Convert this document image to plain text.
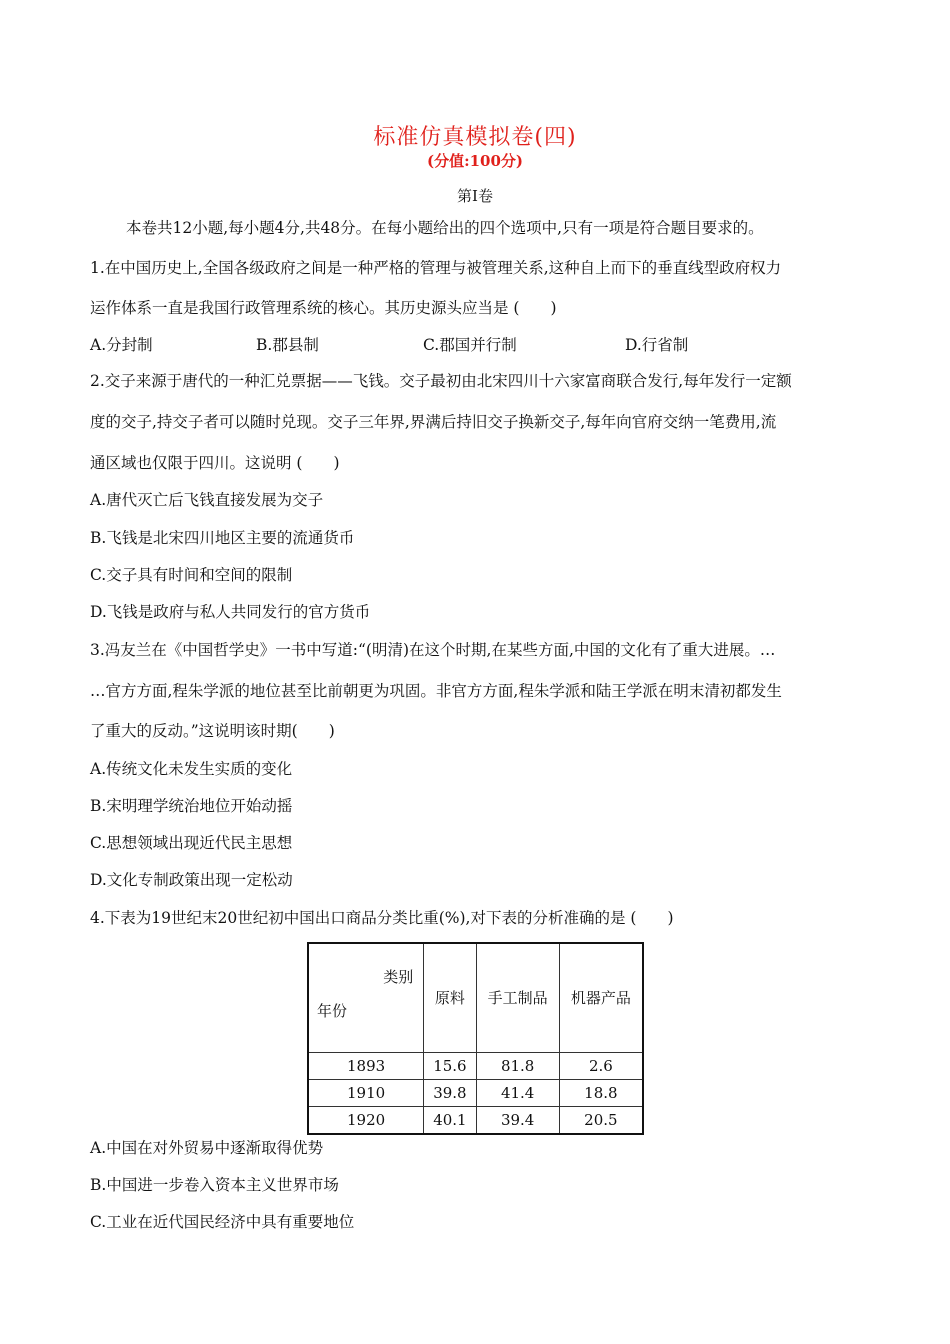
标准仿真模拟卷(四)
(分值:100分)
第Ⅰ卷
本卷共12小题,每小题4分,共48分。在每小题给出的四个选项中,只有一项是符合题目要求的。
1.在中国历史上,全国各级政府之间是一种严格的管理与被管理关系,这种自上而下的垂直线型政府权力
运作体系一直是我国行政管理系统的核心。其历史源头应当是 (　　)
A.分封制	B.郡县制	C.郡国并行制	D.行省制
2.交子来源于唐代的一种汇兑票据——飞钱。交子最初由北宋四川十六家富商联合发行,每年发行一定额
度的交子,持交子者可以随时兑现。交子三年界,界满后持旧交子换新交子,每年向官府交纳一笔费用,流
通区域也仅限于四川。这说明 (　　)
A.唐代灭亡后飞钱直接发展为交子
B.飞钱是北宋四川地区主要的流通货币
C.交子具有时间和空间的限制
D.飞钱是政府与私人共同发行的官方货币
3.冯友兰在《中国哲学史》一书中写道:“(明清)在这个时期,在某些方面,中国的文化有了重大进展。…
…官方方面,程朱学派的地位甚至比前朝更为巩固。非官方方面,程朱学派和陆王学派在明末清初都发生
了重大的反动。”这说明该时期(　　)
A.传统文化未发生实质的变化
B.宋明理学统治地位开始动摇
C.思想领域出现近代民主思想
D.文化专制政策出现一定松动
4.下表为19世纪末20世纪初中国出口商品分类比重(%),对下表的分析准确的是 (　　)
类别
年份	原料	手工制品	机器产品
1893	15.6	81.8	2.6
1910	39.8	41.4	18.8
1920	40.1	39.4	20.5
A.中国在对外贸易中逐渐取得优势
B.中国进一步卷入资本主义世界市场
C.工业在近代国民经济中具有重要地位
